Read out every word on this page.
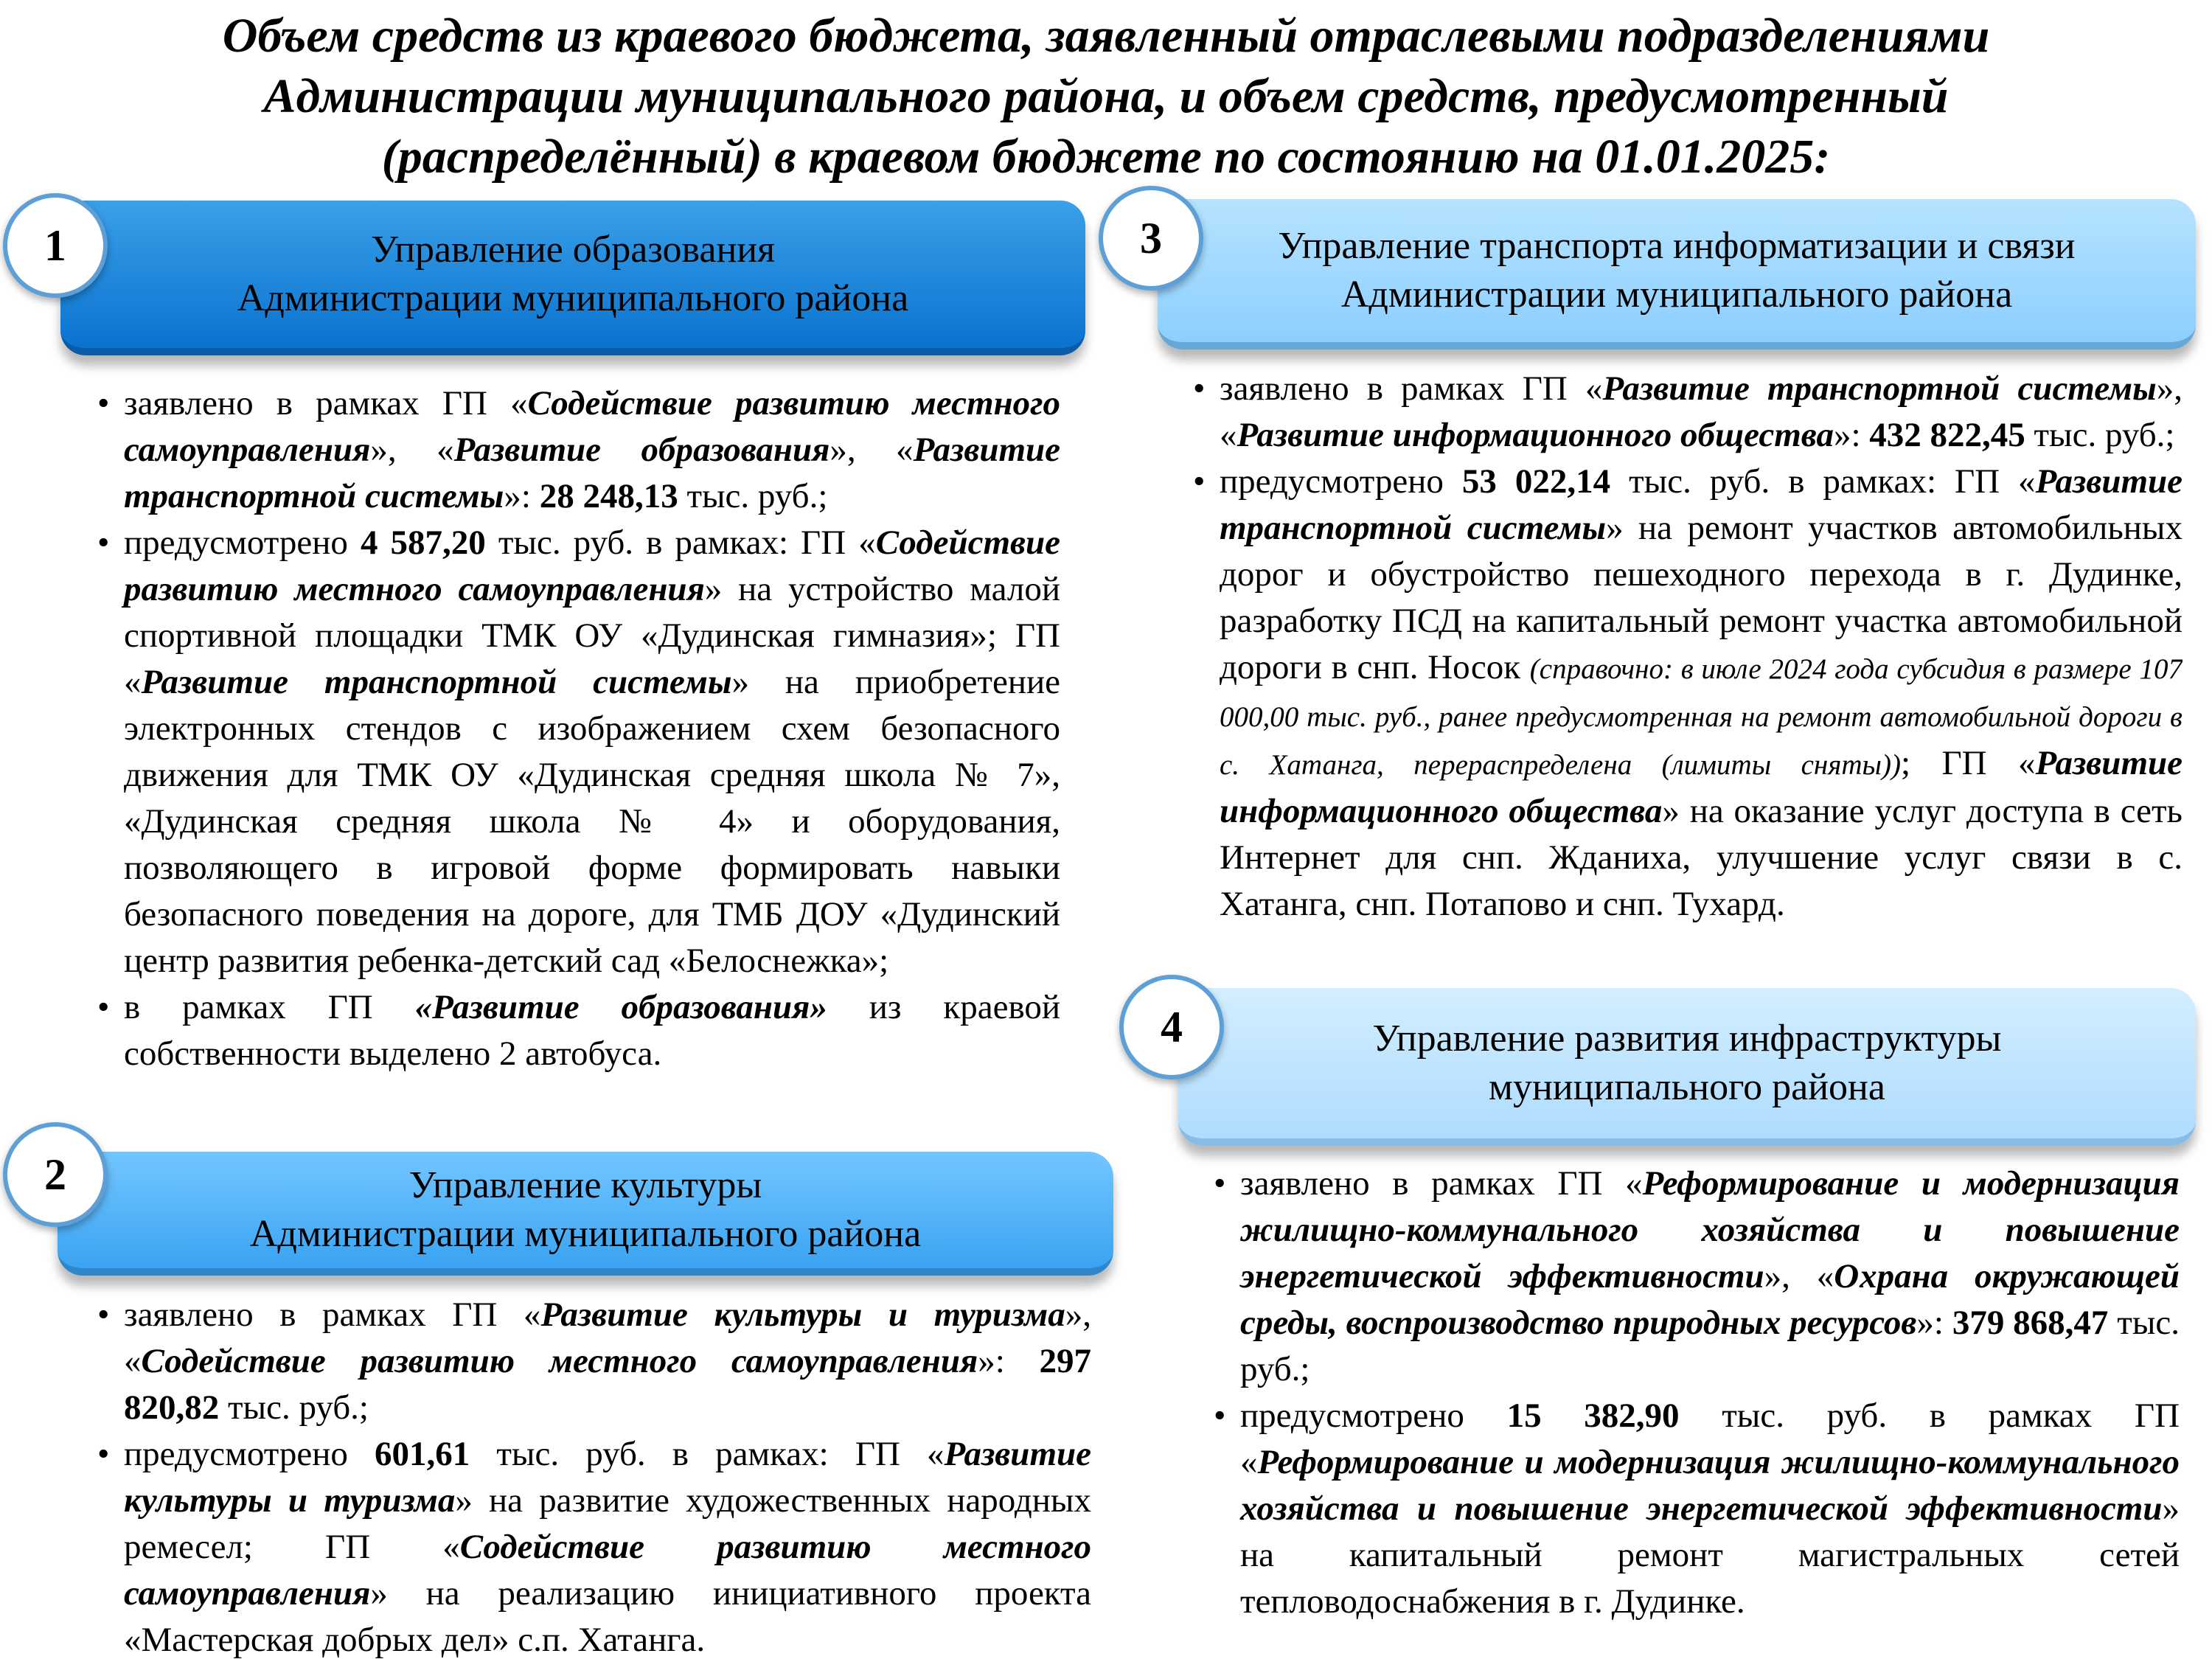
Объем средств из краевого бюджета, заявленный отраслевыми подразделениями
Администрации муниципального района, и объем средств, предусмотренный
(распределённый) в краевом бюджете по состоянию на 01.01.2025:
Управление образования
Администрации муниципального района
1
• заявлено в рамках ГП «Содействие развитию местного самоуправления», «Развитие образования», «Развитие транспортной системы»: 28 248,13 тыс. руб.;
• предусмотрено 4 587,20 тыс. руб. в рамках: ГП «Содействие развитию местного самоуправления» на устройство малой спортивной площадки ТМК ОУ «Дудинская гимназия»; ГП «Развитие транспортной системы» на приобретение электронных стендов с изображением схем безопасного движения для ТМК ОУ «Дудинская средняя школа № 7», «Дудинская средняя школа № 4» и оборудования, позволяющего в игровой форме формировать навыки безопасного поведения на дороге, для ТМБ ДОУ «Дудинский центр развития ребенка-детский сад «Белоснежка»;
• в рамках ГП «Развитие образования» из краевой собственности выделено 2 автобуса.
Управление культуры
Администрации муниципального района
2
• заявлено в рамках ГП «Развитие культуры и туризма», «Содействие развитию местного самоуправления»: 297 820,82 тыс. руб.;
• предусмотрено 601,61 тыс. руб. в рамках: ГП «Развитие культуры и туризма» на развитие художественных народных ремесел; ГП «Содействие развитию местного самоуправления» на реализацию инициативного проекта «Мастерская добрых дел» с.п. Хатанга.
Управление транспорта информатизации и связи
Администрации муниципального района
3
• заявлено в рамках ГП «Развитие транспортной системы», «Развитие информационного общества»: 432 822,45 тыс. руб.;
• предусмотрено 53 022,14 тыс. руб. в рамках: ГП «Развитие транспортной системы» на ремонт участков автомобильных дорог и обустройство пешеходного перехода в г. Дудинке, разработку ПСД на капитальный ремонт участка автомобильной дороги в снп. Носок (справочно: в июле 2024 года субсидия в размере 107 000,00 тыс. руб., ранее предусмотренная на ремонт автомобильной дороги в с. Хатанга, перераспределена (лимиты сняты)); ГП «Развитие информационного общества» на оказание услуг доступа в сеть Интернет для снп. Жданиха, улучшение услуг связи в с. Хатанга, снп. Потапово и снп. Тухард.
Управление развития инфраструктуры
муниципального района
4
• заявлено в рамках ГП «Реформирование и модернизация жилищно-коммунального хозяйства и повышение энергетической эффективности», «Охрана окружающей среды, воспроизводство природных ресурсов»: 379 868,47 тыс. руб.;
• предусмотрено 15 382,90 тыс. руб. в рамках ГП «Реформирование и модернизация жилищно-коммунального хозяйства и повышение энергетической эффективности» на капитальный ремонт магистральных сетей тепловодоснабжения в г. Дудинке.
